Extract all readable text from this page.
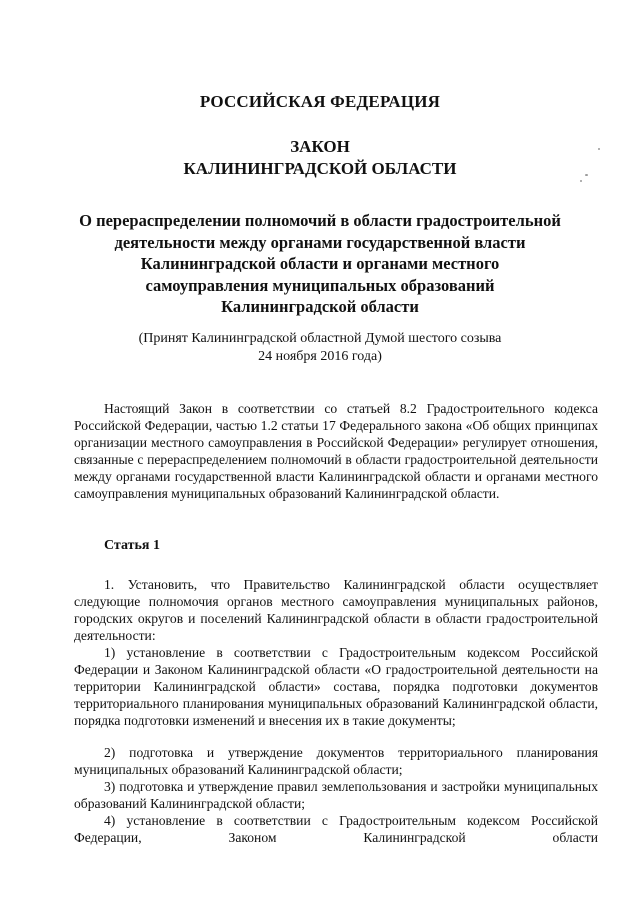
РОССИЙСКАЯ ФЕДЕРАЦИЯ
ЗАКОН
КАЛИНИНГРАДСКОЙ ОБЛАСТИ
О перераспределении полномочий в области градостроительной
деятельности между органами государственной власти
Калининградской области и органами местного
самоуправления муниципальных образований
Калининградской области
(Принят Калининградской областной Думой шестого созыва
24 ноября 2016 года)
Настоящий Закон в соответствии со статьей 8.2 Градостроительного кодекса Российской Федерации, частью 1.2 статьи 17 Федерального закона «Об общих принципах организации местного самоуправления в Российской Федерации» регулирует отношения, связанные с перераспределением полномочий в области градостроительной деятельности между органами государственной власти Калининградской области и органами местного самоуправления муниципальных образований Калининградской области.
Статья 1
1. Установить, что Правительство Калининградской области осуществляет следующие полномочия органов местного самоуправления муниципальных районов, городских округов и поселений Калининградской области в области градостроительной деятельности:
1) установление в соответствии с Градостроительным кодексом Российской Федерации и Законом Калининградской области «О градостроительной деятельности на территории Калининградской области» состава, порядка подготовки документов территориального планирования муниципальных образований Калининградской области, порядка подготовки изменений и внесения их в такие документы;
2) подготовка и утверждение документов территориального планирования муниципальных образований Калининградской области;
3) подготовка и утверждение правил землепользования и застройки муниципальных образований Калининградской области;
4) установление в соответствии с Градостроительным кодексом Российской Федерации, Законом Калининградской области
